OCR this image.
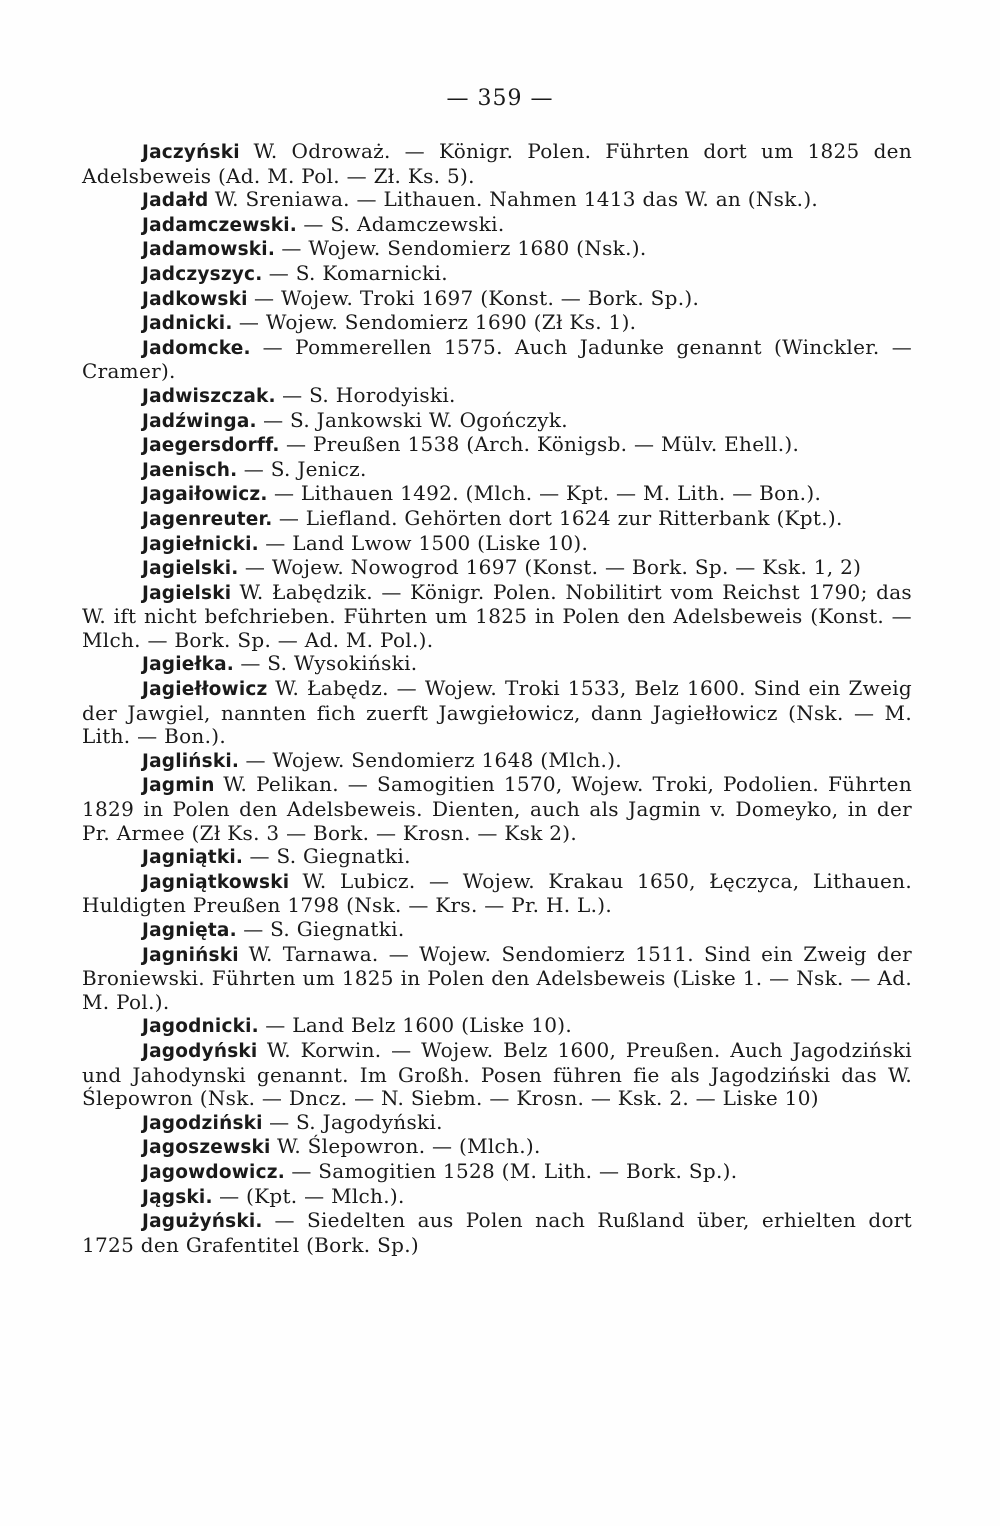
— 359 —

Jaczyński W. Odroważ. — Königr. Polen. Führten dort um 1825 den Adelsbeweis (Ad. M. Pol. — Zł. Ks. 5).

Jadałd W. Sreniawa. — Lithauen. Nahmen 1413 das W. an (Nsk.).

Jadamczewski. — S. Adamczewski.

Jadamowski. — Wojew. Sendomierz 1680 (Nsk.).

Jadczyszyc. — S. Komarnicki.

Jadkowski — Wojew. Troki 1697 (Konst. — Bork. Sp.).

Jadnicki. — Wojew. Sendomierz 1690 (Zł Ks. 1).

Jadomcke. — Pommerellen 1575. Auch Jadunke genannt (Winckler. — Cramer).

Jadwiszczak. — S. Horodyiski.

Jadźwinga. — S. Jankowski W. Ogończyk.

Jaegersdorff. — Preußen 1538 (Arch. Königsb. — Mülv. Ehell.).

Jaenisch. — S. Jenicz.

Jagaiłowicz. — Lithauen 1492. (Mlch. — Kpt. — M. Lith. — Bon.).

Jagenreuter. — Liefland. Gehörten dort 1624 zur Ritterbank (Kpt.).

Jagiełnicki. — Land Lwow 1500 (Liske 10).

Jagielski. — Wojew. Nowogrod 1697 (Konst. — Bork. Sp. — Ksk. 1, 2)

Jagielski W. Łabędzik. — Königr. Polen. Nobilitirt vom Reichst 1790; das W. ift nicht befchrieben. Führten um 1825 in Polen den Adelsbeweis (Konst. — Mlch. — Bork. Sp. — Ad. M. Pol.).

Jagiełka. — S. Wysokiński.

Jagiełłowicz W. Łabędz. — Wojew. Troki 1533, Belz 1600. Sind ein Zweig der Jawgiel, nannten fich zuerft Jawgiełowicz, dann Jagiełłowicz (Nsk. — M. Lith. — Bon.).

Jagliński. — Wojew. Sendomierz 1648 (Mlch.).

Jagmin W. Pelikan. — Samogitien 1570, Wojew. Troki, Podolien. Führten 1829 in Polen den Adelsbeweis. Dienten, auch als Jagmin v. Domeyko, in der Pr. Armee (Zł Ks. 3 — Bork. — Krosn. — Ksk 2).

Jagniątki. — S. Giegnatki.

Jagniątkowski W. Lubicz. — Wojew. Krakau 1650, Łęczyca, Lithauen. Huldigten Preußen 1798 (Nsk. — Krs. — Pr. H. L.).

Jagnięta. — S. Giegnatki.

Jagniński W. Tarnawa. — Wojew. Sendomierz 1511. Sind ein Zweig der Broniewski. Führten um 1825 in Polen den Adelsbeweis (Liske 1. — Nsk. — Ad. M. Pol.).

Jagodnicki. — Land Belz 1600 (Liske 10).

Jagodyński W. Korwin. — Wojew. Belz 1600, Preußen. Auch Jagodziński und Jahodynski genannt. Im Großh. Posen führen fie als Jagodziński das W. Ślepowron (Nsk. — Dncz. — N. Siebm. — Krosn. — Ksk. 2. — Liske 10)

Jagodziński — S. Jagodyński.

Jagoszewski W. Ślepowron. — (Mlch.).

Jagowdowicz. — Samogitien 1528 (M. Lith. — Bork. Sp.).

Jągski. — (Kpt. — Mlch.).

Jagużyński. — Siedelten aus Polen nach Rußland über, erhielten dort 1725 den Grafentitel (Bork. Sp.)
